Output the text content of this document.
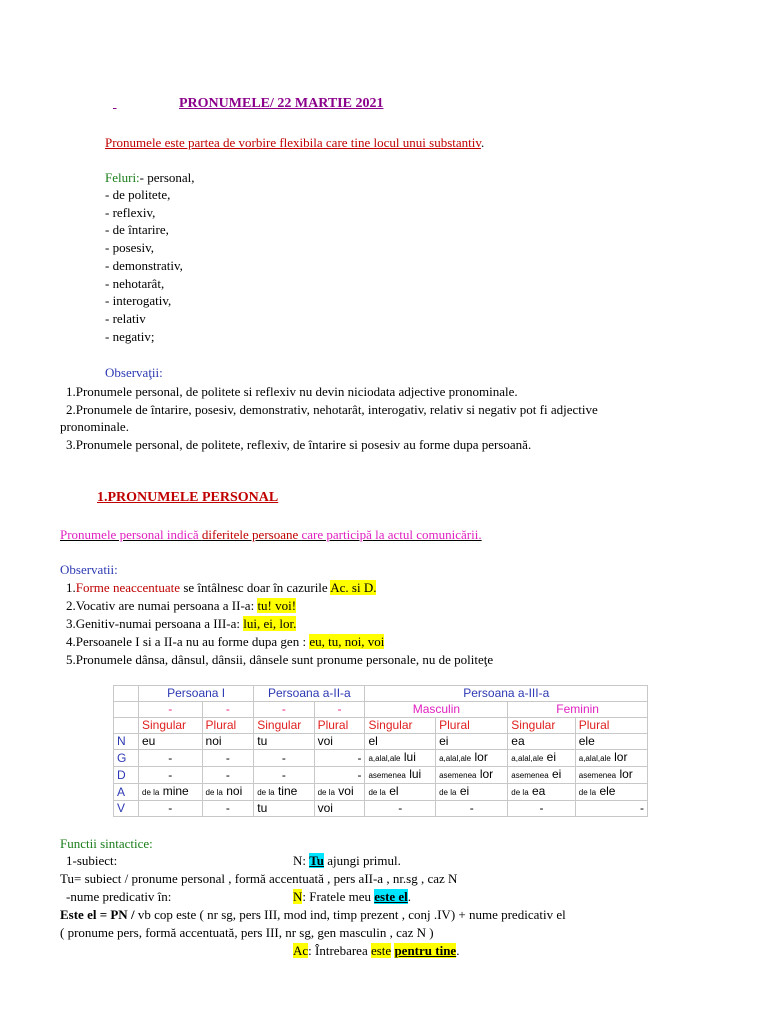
PRONUMELE/ 22 MARTIE 2021
Pronumele este partea de vorbire flexibila care tine locul unui substantiv.
Feluri:- personal,
- de politete,
- reflexiv,
- de întarire,
- posesiv,
- demonstrativ,
- nehotarât,
- interogativ,
- relativ
- negativ;
Observaţii:
1.Pronumele personal, de politete si reflexiv nu devin niciodata adjective pronominale.
2.Pronumele de întarire, posesiv, demonstrativ, nehotarât, interogativ, relativ si negativ pot fi adjective
pronominale.
3.Pronumele personal, de politete, reflexiv, de întarire si posesiv au forme dupa persoană.
1.PRONUMELE PERSONAL
Pronumele personal indică diferitele persoane care participă la actul comunicării.
Observatii:
1.Forme neaccentuate se întâlnesc doar în cazurile Ac. si D.
2.Vocativ are numai persoana a II-a: tu! voi!
3.Genitiv-numai persoana a III-a: lui, ei, lor.
4.Persoanele I si a II-a nu au forme dupa gen : eu, tu, noi, voi
5.Pronumele dânsa, dânsul, dânsii, dânsele sunt pronume personale, nu de politeţe
	Persoana I		Persoana a-II-a		Persoana a-III-a			
	-	-	-	-	Masculin		Feminin	
	Singular	Plural	Singular	Plural	Singular	Plural	Singular	Plural
N	eu	noi	tu	voi	el	ei	ea	ele
G	-	-	-	-	a,alal,ale lui	a,alal,ale lor	a,alal,ale ei	a,alal,ale lor
D	-	-	-	-	asemenea lui	asemenea lor	asemenea ei	asemenea lor
A	de la mine	de la noi	de la tine	de la voi	de la el	de la ei	de la ea	de la ele
V	-	-	tu	voi	-	-	-	-
Functii sintactice:
1-subiect:	N: Tu ajungi primul.
Tu= subiect / pronume personal , formă accentuată , pers aII-a , nr.sg , caz N
-nume predicativ în:	N: Fratele meu este el.
Este el = PN / vb cop este ( nr sg, pers III, mod ind, timp prezent , conj .IV) + nume predicativ el
( pronume pers, formă accentuată, pers III, nr sg, gen masculin , caz N )
Ac: Întrebarea este pentru tine.
